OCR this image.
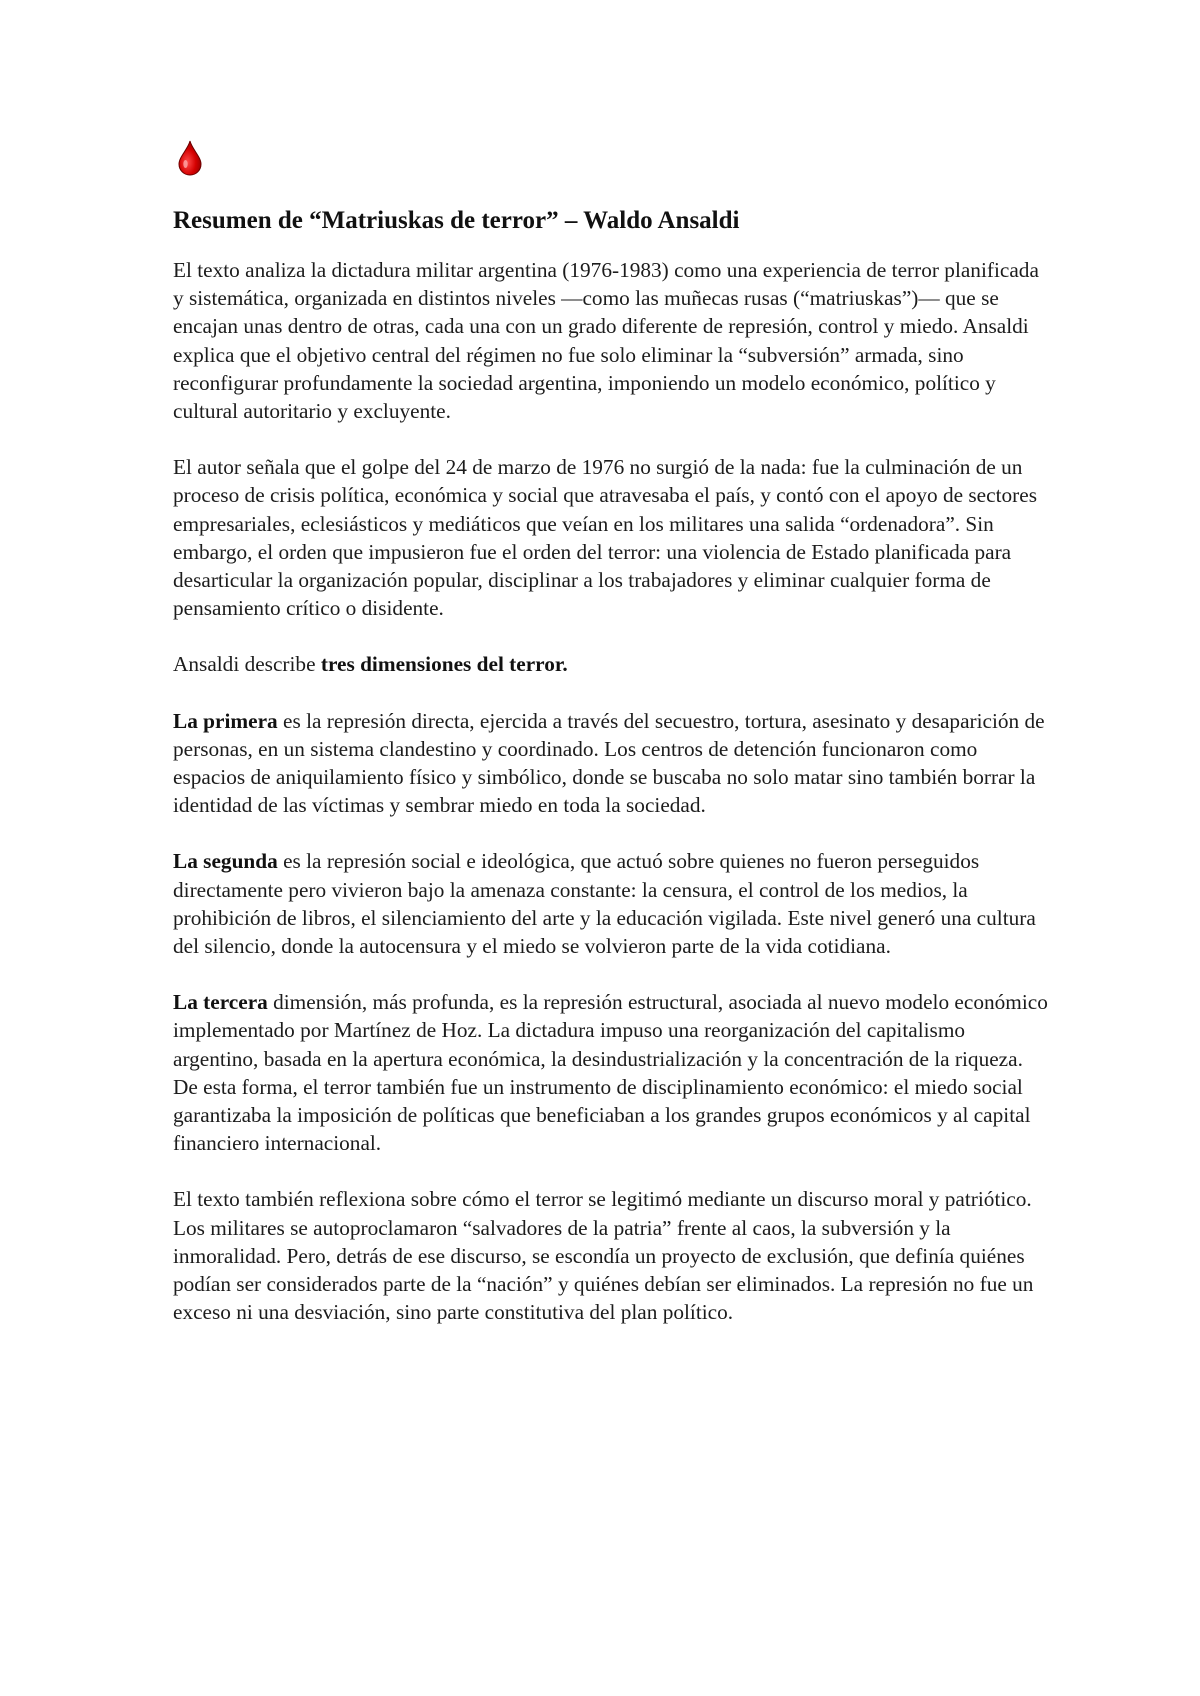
Resumen de “Matriuskas de terror” – Waldo Ansaldi

El texto analiza la dictadura militar argentina (1976-1983) como una experiencia de terror planificada y sistemática, organizada en distintos niveles —como las muñecas rusas (“matriuskas”)— que se encajan unas dentro de otras, cada una con un grado diferente de represión, control y miedo. Ansaldi explica que el objetivo central del régimen no fue solo eliminar la “subversión” armada, sino reconfigurar profundamente la sociedad argentina, imponiendo un modelo económico, político y cultural autoritario y excluyente.

El autor señala que el golpe del 24 de marzo de 1976 no surgió de la nada: fue la culminación de un proceso de crisis política, económica y social que atravesaba el país, y contó con el apoyo de sectores empresariales, eclesiásticos y mediáticos que veían en los militares una salida “ordenadora”. Sin embargo, el orden que impusieron fue el orden del terror: una violencia de Estado planificada para desarticular la organización popular, disciplinar a los trabajadores y eliminar cualquier forma de pensamiento crítico o disidente.

Ansaldi describe tres dimensiones del terror.

La primera es la represión directa, ejercida a través del secuestro, tortura, asesinato y desaparición de personas, en un sistema clandestino y coordinado. Los centros de detención funcionaron como espacios de aniquilamiento físico y simbólico, donde se buscaba no solo matar sino también borrar la identidad de las víctimas y sembrar miedo en toda la sociedad.

La segunda es la represión social e ideológica, que actuó sobre quienes no fueron perseguidos directamente pero vivieron bajo la amenaza constante: la censura, el control de los medios, la prohibición de libros, el silenciamiento del arte y la educación vigilada. Este nivel generó una cultura del silencio, donde la autocensura y el miedo se volvieron parte de la vida cotidiana.

La tercera dimensión, más profunda, es la represión estructural, asociada al nuevo modelo económico implementado por Martínez de Hoz. La dictadura impuso una reorganización del capitalismo argentino, basada en la apertura económica, la desindustrialización y la concentración de la riqueza. De esta forma, el terror también fue un instrumento de disciplinamiento económico: el miedo social garantizaba la imposición de políticas que beneficiaban a los grandes grupos económicos y al capital financiero internacional.

El texto también reflexiona sobre cómo el terror se legitimó mediante un discurso moral y patriótico. Los militares se autoproclamaron “salvadores de la patria” frente al caos, la subversión y la inmoralidad. Pero, detrás de ese discurso, se escondía un proyecto de exclusión, que definía quiénes podían ser considerados parte de la “nación” y quiénes debían ser eliminados. La represión no fue un exceso ni una desviación, sino parte constitutiva del plan político.
